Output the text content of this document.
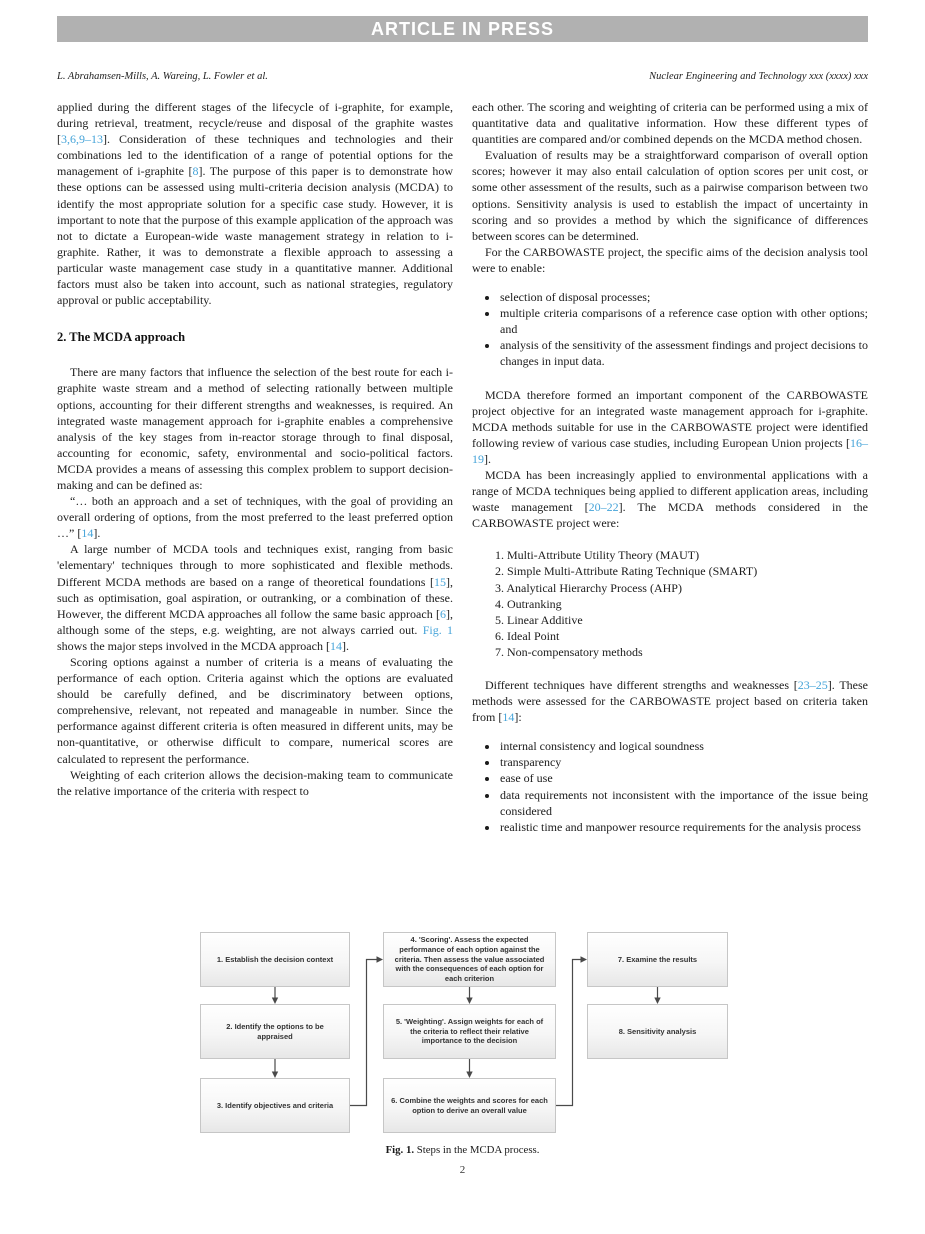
ARTICLE IN PRESS
L. Abrahamsen-Mills, A. Wareing, L. Fowler et al.	Nuclear Engineering and Technology xxx (xxxx) xxx

applied during the different stages of the lifecycle of i-graphite, for example, during retrieval, treatment, recycle/reuse and disposal of the graphite wastes [3,6,9–13]. Consideration of these techniques and technologies and their combinations led to the identification of a range of potential options for the management of i-graphite [8]. The purpose of this paper is to demonstrate how these options can be assessed using multi-criteria decision analysis (MCDA) to identify the most appropriate solution for a specific case study. However, it is important to note that the purpose of this example application of the approach was not to dictate a European-wide waste management strategy in relation to i-graphite. Rather, it was to demonstrate a flexible approach to assessing a particular waste management case study in a quantitative manner. Additional factors must also be taken into account, such as national strategies, regulatory approval or public acceptability.

2. The MCDA approach

There are many factors that influence the selection of the best route for each i-graphite waste stream and a method of selecting rationally between multiple options, accounting for their different strengths and weaknesses, is required. An integrated waste management approach for i-graphite enables a comprehensive analysis of the key stages from in-reactor storage through to final disposal, accounting for economic, safety, environmental and socio-political factors. MCDA provides a means of assessing this complex problem to support decision-making and can be defined as:

“… both an approach and a set of techniques, with the goal of providing an overall ordering of options, from the most preferred to the least preferred option …” [14].

A large number of MCDA tools and techniques exist, ranging from basic 'elementary' techniques through to more sophisticated and flexible methods. Different MCDA methods are based on a range of theoretical foundations [15], such as optimisation, goal aspiration, or outranking, or a combination of these. However, the different MCDA approaches all follow the same basic approach [6], although some of the steps, e.g. weighting, are not always carried out. Fig. 1 shows the major steps involved in the MCDA approach [14].

Scoring options against a number of criteria is a means of evaluating the performance of each option. Criteria against which the options are evaluated should be carefully defined, and be discriminatory between options, comprehensive, relevant, not repeated and manageable in number. Since the performance against different criteria is often measured in different units, may be non-quantitative, or otherwise difficult to compare, numerical scores are calculated to represent the performance.

Weighting of each criterion allows the decision-making team to communicate the relative importance of the criteria with respect to

each other. The scoring and weighting of criteria can be performed using a mix of quantitative data and qualitative information. How these different types of quantities are compared and/or combined depends on the MCDA method chosen.

Evaluation of results may be a straightforward comparison of overall option scores; however it may also entail calculation of option scores per unit cost, or some other assessment of the results, such as a pairwise comparison between two options. Sensitivity analysis is used to establish the impact of uncertainty in scoring and so provides a method by which the significance of differences between scores can be determined.

For the CARBOWASTE project, the specific aims of the decision analysis tool were to enable:

• selection of disposal processes;
• multiple criteria comparisons of a reference case option with other options; and
• analysis of the sensitivity of the assessment findings and project decisions to changes in input data.

MCDA therefore formed an important component of the CARBOWASTE project objective for an integrated waste management approach for i-graphite. MCDA methods suitable for use in the CARBOWASTE project were identified following review of various case studies, including European Union projects [16–19].

MCDA has been increasingly applied to environmental applications with a range of MCDA techniques being applied to different application areas, including waste management [20–22]. The MCDA methods considered in the CARBOWASTE project were:

Multi-Attribute Utility Theory (MAUT)
Simple Multi-Attribute Rating Technique (SMART)
Analytical Hierarchy Process (AHP)
Outranking
Linear Additive
Ideal Point
Non-compensatory methods

Different techniques have different strengths and weaknesses [23–25]. These methods were assessed for the CARBOWASTE project based on criteria taken from [14]:

• internal consistency and logical soundness
• transparency
• ease of use
• data requirements not inconsistent with the importance of the issue being considered
• realistic time and manpower resource requirements for the analysis process
1. Establish the decision context
2. Identify the options to be appraised
3. Identify objectives and criteria
4. 'Scoring'. Assess the expected performance of each option against the criteria. Then assess the value associated with the consequences of each option for each criterion
5. 'Weighting'. Assign weights for each of the criteria to reflect their relative importance to the decision
6. Combine the weights and scores for each option to derive an overall value
7. Examine the results
8. Sensitivity analysis
Fig. 1. Steps in the MCDA process.
2
